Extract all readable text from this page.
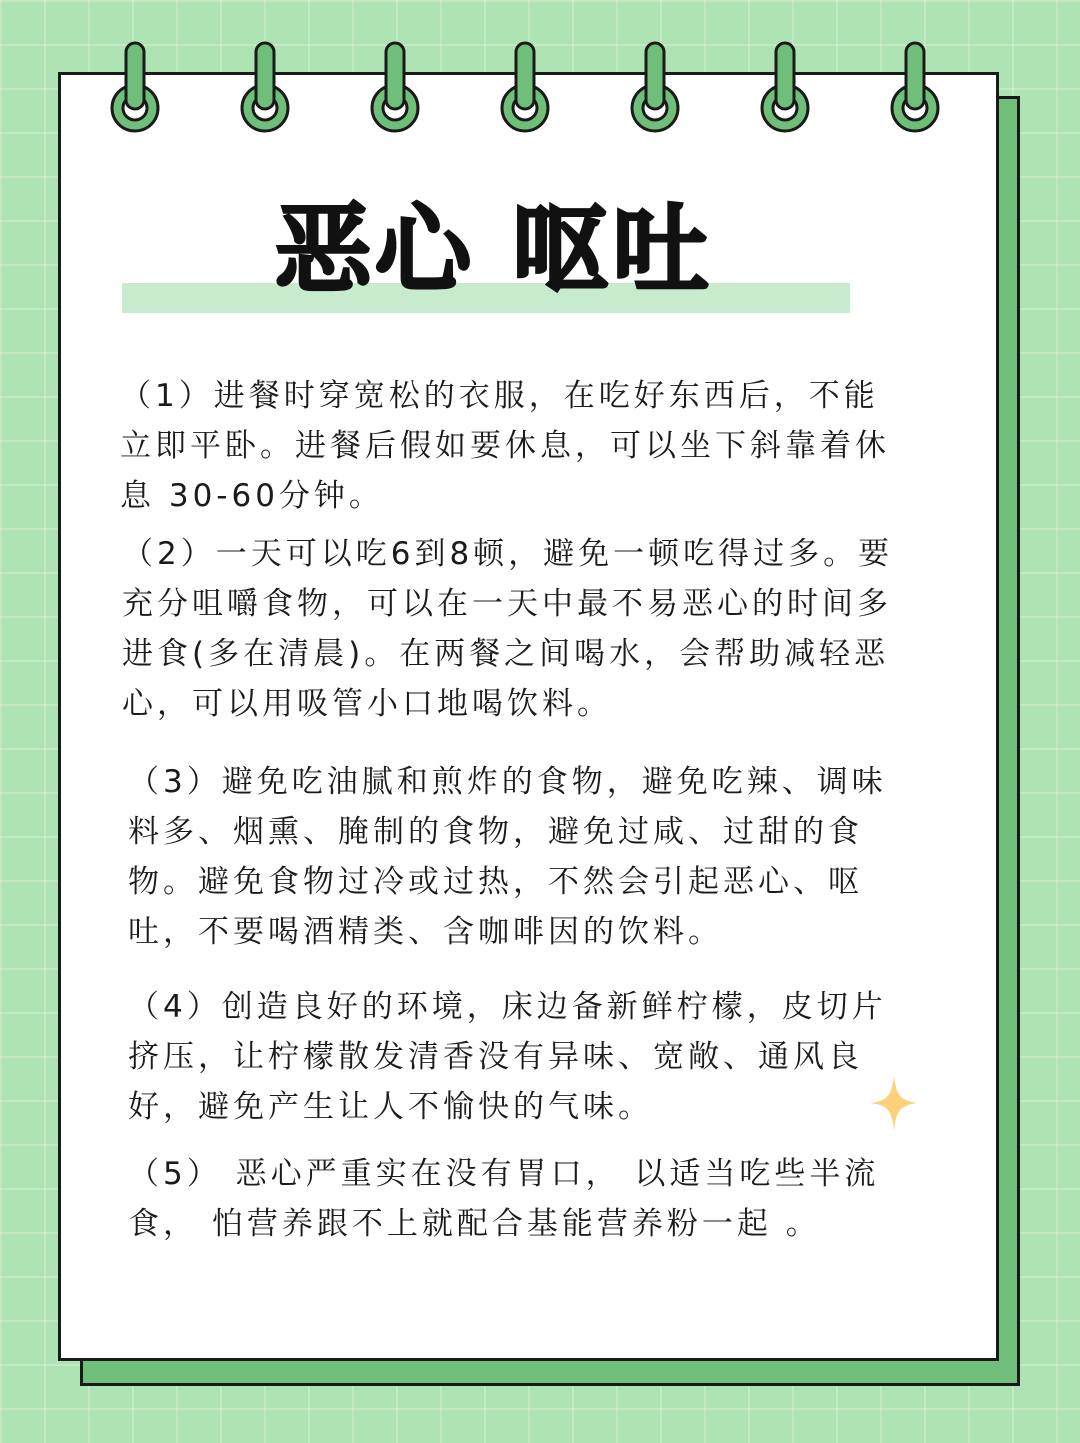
恶心 呕吐
（1）进餐时穿宽松的衣服，在吃好东西后，不能
立即平卧。进餐后假如要休息，可以坐下斜靠着休
息 30-60分钟。
（2）一天可以吃6到8顿，避免一顿吃得过多。要
充分咀嚼食物，可以在一天中最不易恶心的时间多
进食(多在清晨)。在两餐之间喝水，会帮助减轻恶
心，可以用吸管小口地喝饮料。
（3）避免吃油腻和煎炸的食物，避免吃辣、调味
料多、烟熏、腌制的食物，避免过咸、过甜的食
物。避免食物过冷或过热，不然会引起恶心、呕
吐，不要喝酒精类、含咖啡因的饮料。
（4）创造良好的环境，床边备新鲜柠檬，皮切片
挤压，让柠檬散发清香没有异味、宽敞、通风良
好，避免产生让人不愉快的气味。
（5） 恶心严重实在没有胃口， 以适当吃些半流
食， 怕营养跟不上就配合基能营养粉一起 。
